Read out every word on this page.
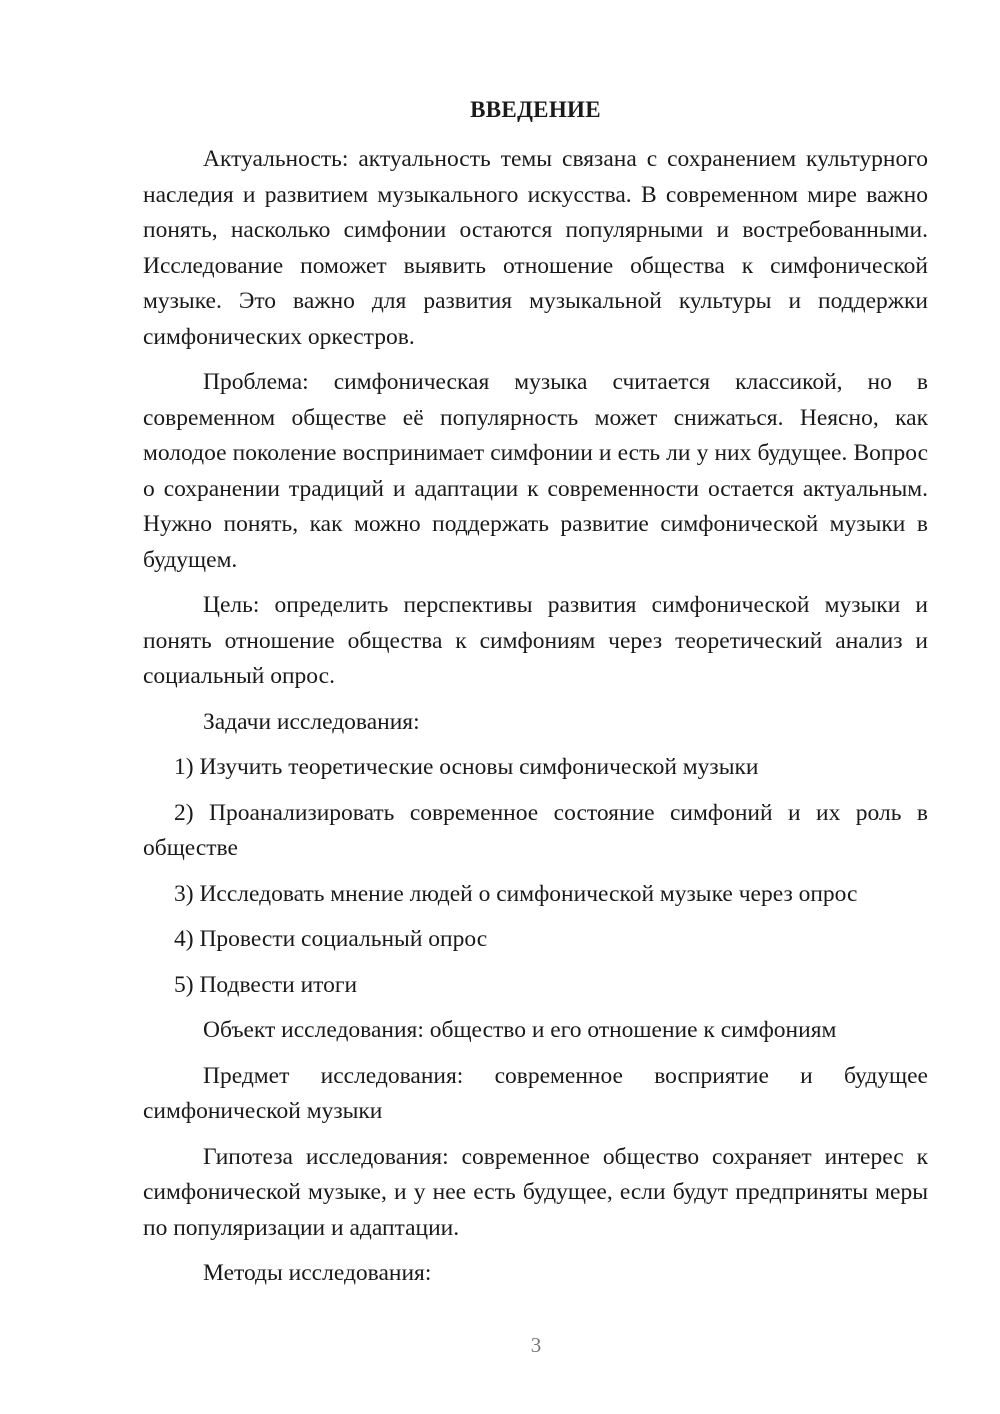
ВВЕДЕНИЕ

Актуальность: актуальность темы связана с сохранением культурного наследия и развитием музыкального искусства. В современном мире важно понять, насколько симфонии остаются популярными и востребованными. Исследование поможет выявить отношение общества к симфонической музыке. Это важно для развития музыкальной культуры и поддержки симфонических оркестров.

Проблема: симфоническая музыка считается классикой, но в современном обществе её популярность может снижаться. Неясно, как молодое поколение воспринимает симфонии и есть ли у них будущее. Вопрос о сохранении традиций и адаптации к современности остается актуальным. Нужно понять, как можно поддержать развитие симфонической музыки в будущем.

Цель: определить перспективы развития симфонической музыки и понять отношение общества к симфониям через теоретический анализ и социальный опрос.

Задачи исследования:

1) Изучить теоретические основы симфонической музыки

2) Проанализировать современное состояние симфоний и их роль в обществе

3) Исследовать мнение людей о симфонической музыке через опрос

4) Провести социальный опрос

5) Подвести итоги

Объект исследования: общество и его отношение к симфониям

Предмет исследования: современное восприятие и будущее симфонической музыки

Гипотеза исследования: современное общество сохраняет интерес к симфонической музыке, и у нее есть будущее, если будут предприняты меры по популяризации и адаптации.

Методы исследования:

3
